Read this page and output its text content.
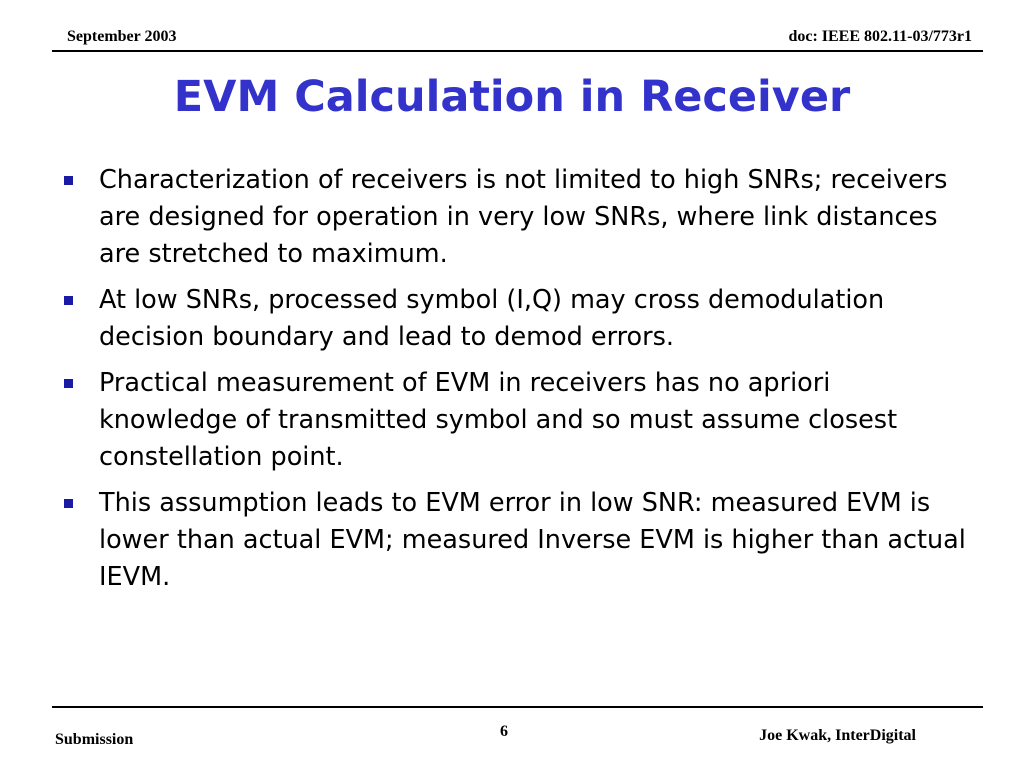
September 2003	doc: IEEE 802.11-03/773r1
EVM Calculation in Receiver
Characterization of receivers is not limited to high SNRs; receivers are designed for operation in very low SNRs, where link distances are stretched to maximum.
At low SNRs, processed symbol (I,Q) may cross demodulation decision boundary and lead to demod errors.
Practical measurement of EVM in receivers has no apriori knowledge of transmitted symbol and so must assume closest constellation point.
This assumption leads to EVM error in low SNR: measured EVM is lower than actual EVM; measured Inverse EVM is higher than actual IEVM.
Submission	6	Joe Kwak, InterDigital
